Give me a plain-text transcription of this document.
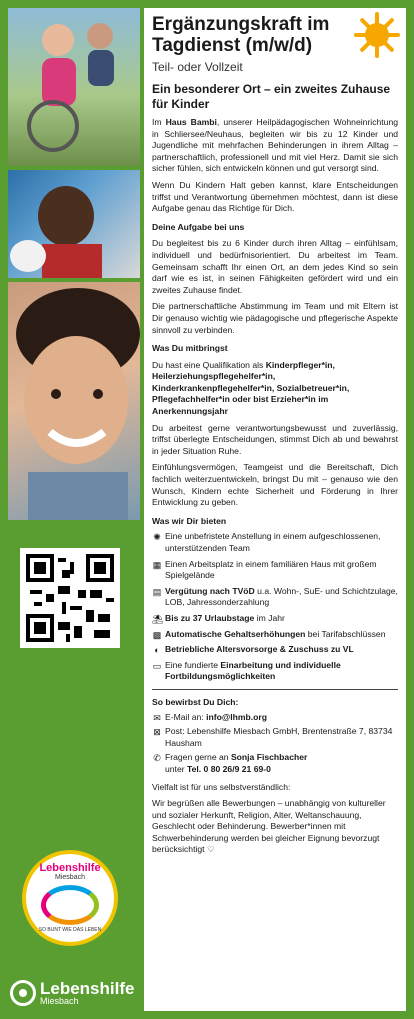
Lebenshilfe
Miesbach
SO BUNT WIE DAS LEBEN
Lebenshilfe
Miesbach
Ergänzungskraft im Tagdienst (m/w/d)
Teil- oder Vollzeit
Ein besonderer Ort – ein zweites Zuhause für Kinder

Im Haus Bambi, unserer Heilpädagogischen Wohneinrichtung in Schliersee/Neuhaus, begleiten wir bis zu 12 Kinder und Jugendliche mit mehrfachen Behinderungen in ihrem Alltag – partnerschaftlich, professionell und mit viel Herz. Damit sie sich sicher fühlen, sich entwickeln können und gut versorgt sind.

Wenn Du Kindern Halt geben kannst, klare Entscheidungen triffst und Verantwortung übernehmen möchtest, dann ist diese Aufgabe genau das Richtige für Dich.

Deine Aufgabe bei uns

Du begleitest bis zu 6 Kinder durch ihren Alltag – einfühlsam, individuell und bedürfnisorientiert. Du arbeitest im Team. Gemeinsam schafft Ihr einen Ort, an dem jedes Kind so sein darf wie es ist, in seinen Fähigkeiten gefördert wird und ein zweites Zuhause findet.

Die partnerschaftliche Abstimmung im Team und mit Eltern ist Dir genauso wichtig wie pädagogische und pflegerische Aspekte sinnvoll zu verbinden.

Was Du mitbringst

Du hast eine Qualifikation als Kinderpfleger*in, Heilerziehungspflegehelfer*in, Kinderkrankenpflegehelfer*in, Sozialbetreuer*in, Pflegefachhelfer*in oder bist Erzieher*in im Anerkennungsjahr

Du arbeitest gerne verantwortungsbewusst und zuverlässig, triffst überlegte Entscheidungen, stimmst Dich ab und bewahrst in jeder Situation Ruhe.

Einfühlungsvermögen, Teamgeist und die Bereitschaft, Dich fachlich weiterzuentwickeln, bringst Du mit – genauso wie den Wunsch, Kindern echte Sicherheit und Förderung in Ihrer Entwicklung zu geben.

Was wir Dir bieten
✺ Eine unbefristete Anstellung in einem aufgeschlossenen, unterstützenden Team
▦ Einen Arbeitsplatz in einem familiären Haus mit großem Spielgelände
▤ Vergütung nach TVöD u.a. Wohn-, SuE- und Schichtzulage, LOB, Jahressonderzahlung
⛱ Bis zu 37 Urlaubstage im Jahr
▩ Automatische Gehaltserhöhungen bei Tarifabschlüssen
◐ Betriebliche Altersvorsorge & Zuschuss zu VL
▭ Eine fundierte Einarbeitung und individuelle Fortbildungsmöglichkeiten
So bewirbst Du Dich:
✉ E-Mail an: info@lhmb.org
⊠ Post: Lebenshilfe Miesbach GmbH, Brentenstraße 7, 83734 Hausham
✆ Fragen gerne an Sonja Fischbacher
unter Tel. 0 80 26/9 21 69-0

Vielfalt ist für uns selbstverständlich:

Wir begrüßen alle Bewerbungen – unabhängig von kultureller und sozialer Herkunft, Religion, Alter, Weltanschauung, Geschlecht oder Behinderung. Bewerber*innen mit Schwerbehinderung werden bei gleicher Eignung bevorzugt berücksichtigt ♡
